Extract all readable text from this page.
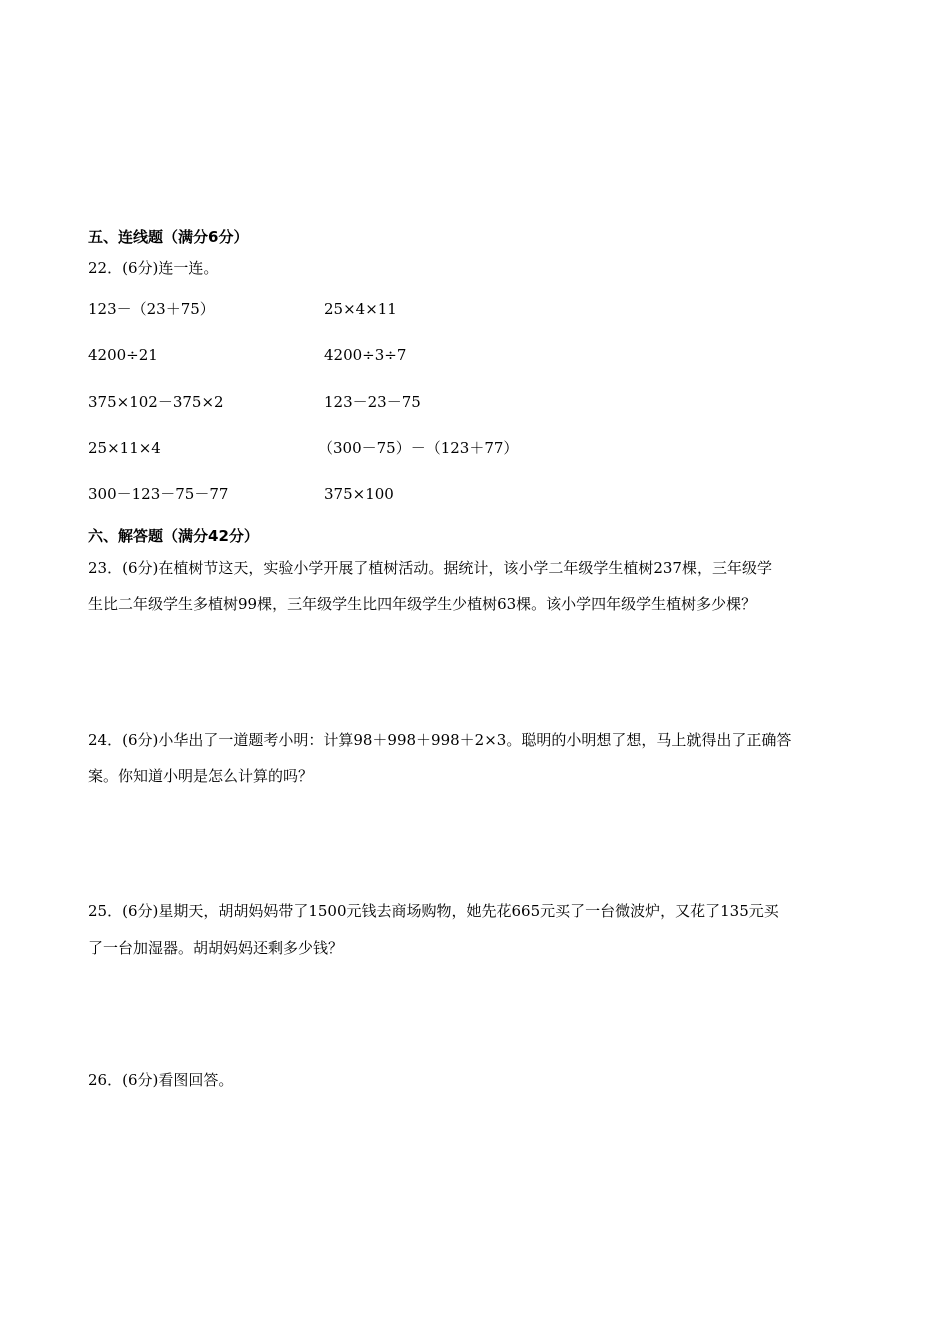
五、连线题（满分6分）
22．(6分)连一连。
123－（23＋75）	25×4×11
4200÷21	4200÷3÷7
375×102－375×2	123－23－75
25×11×4	（300－75）－（123＋77）
300－123－75－77	375×100
六、解答题（满分42分）
23．(6分)在植树节这天，实验小学开展了植树活动。据统计，该小学二年级学生植树237棵，三年级学
生比二年级学生多植树99棵，三年级学生比四年级学生少植树63棵。该小学四年级学生植树多少棵？
24．(6分)小华出了一道题考小明：计算98＋998＋998＋2×3。聪明的小明想了想，马上就得出了正确答
案。你知道小明是怎么计算的吗？
25．(6分)星期天，胡胡妈妈带了1500元钱去商场购物，她先花665元买了一台微波炉，又花了135元买
了一台加湿器。胡胡妈妈还剩多少钱？
26．(6分)看图回答。
